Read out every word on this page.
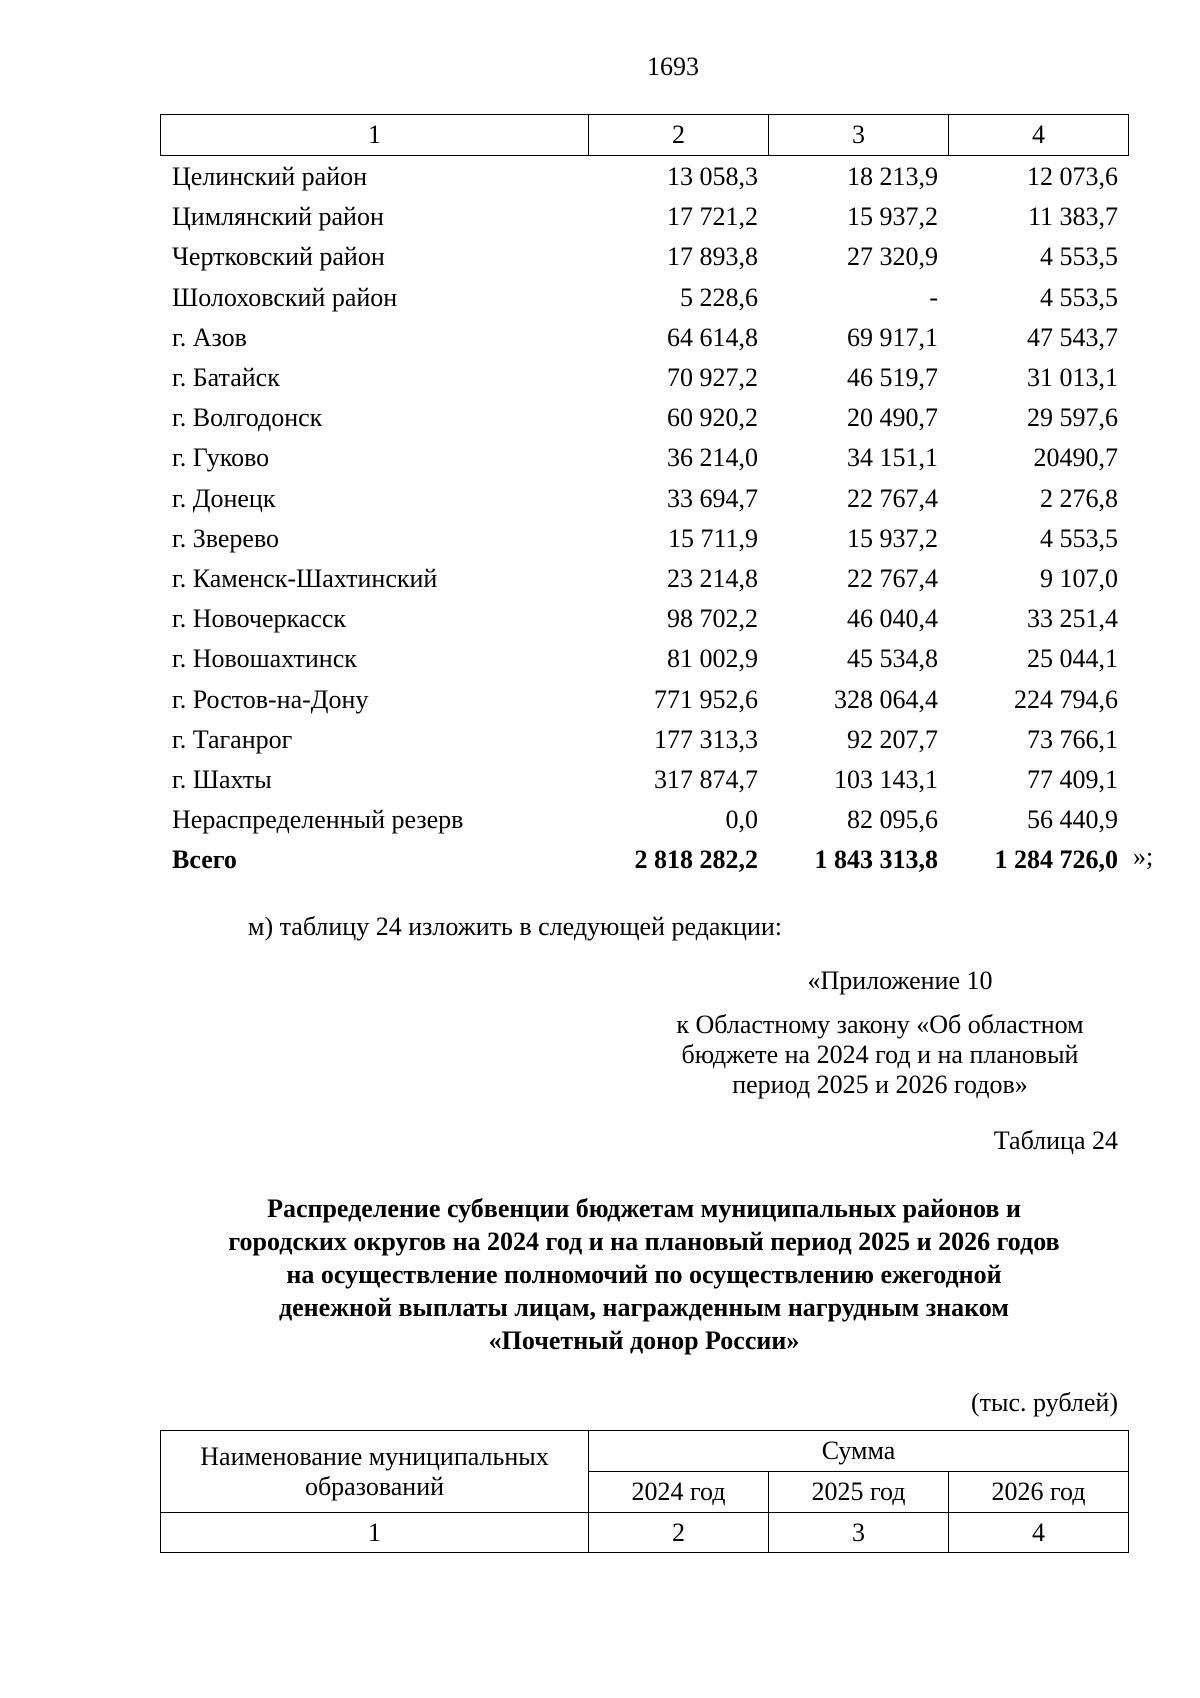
1693
1	2	3	4
Целинский район	13 058,3	18 213,9	12 073,6
Цимлянский район	17 721,2	15 937,2	11 383,7
Чертковский район	17 893,8	27 320,9	4 553,5
Шолоховский район	5 228,6	-	4 553,5
г. Азов	64 614,8	69 917,1	47 543,7
г. Батайск	70 927,2	46 519,7	31 013,1
г. Волгодонск	60 920,2	20 490,7	29 597,6
г. Гуково	36 214,0	34 151,1	20490,7
г. Донецк	33 694,7	22 767,4	2 276,8
г. Зверево	15 711,9	15 937,2	4 553,5
г. Каменск-Шахтинский	23 214,8	22 767,4	9 107,0
г. Новочеркасск	98 702,2	46 040,4	33 251,4
г. Новошахтинск	81 002,9	45 534,8	25 044,1
г. Ростов-на-Дону	771 952,6	328 064,4	224 794,6
г. Таганрог	177 313,3	92 207,7	73 766,1
г. Шахты	317 874,7	103 143,1	77 409,1
Нераспределенный резерв	0,0	82 095,6	56 440,9
Всего	2 818 282,2	1 843 313,8	1 284 726,0 »;
м) таблицу 24 изложить в следующей редакции:
«Приложение 10
к Областному закону «Об областном
бюджете на 2024 год и на плановый
период 2025 и 2026 годов»
Таблица 24
Распределение субвенции бюджетам муниципальных районов и
городских округов на 2024 год и на плановый период 2025 и 2026 годов
на осуществление полномочий по осуществлению ежегодной
денежной выплаты лицам, награжденным нагрудным знаком
«Почетный донор России»
(тыс. рублей)
Наименование муниципальных
образований	Сумма		
	2024 год	2025 год	2026 год
1	2	3	4
